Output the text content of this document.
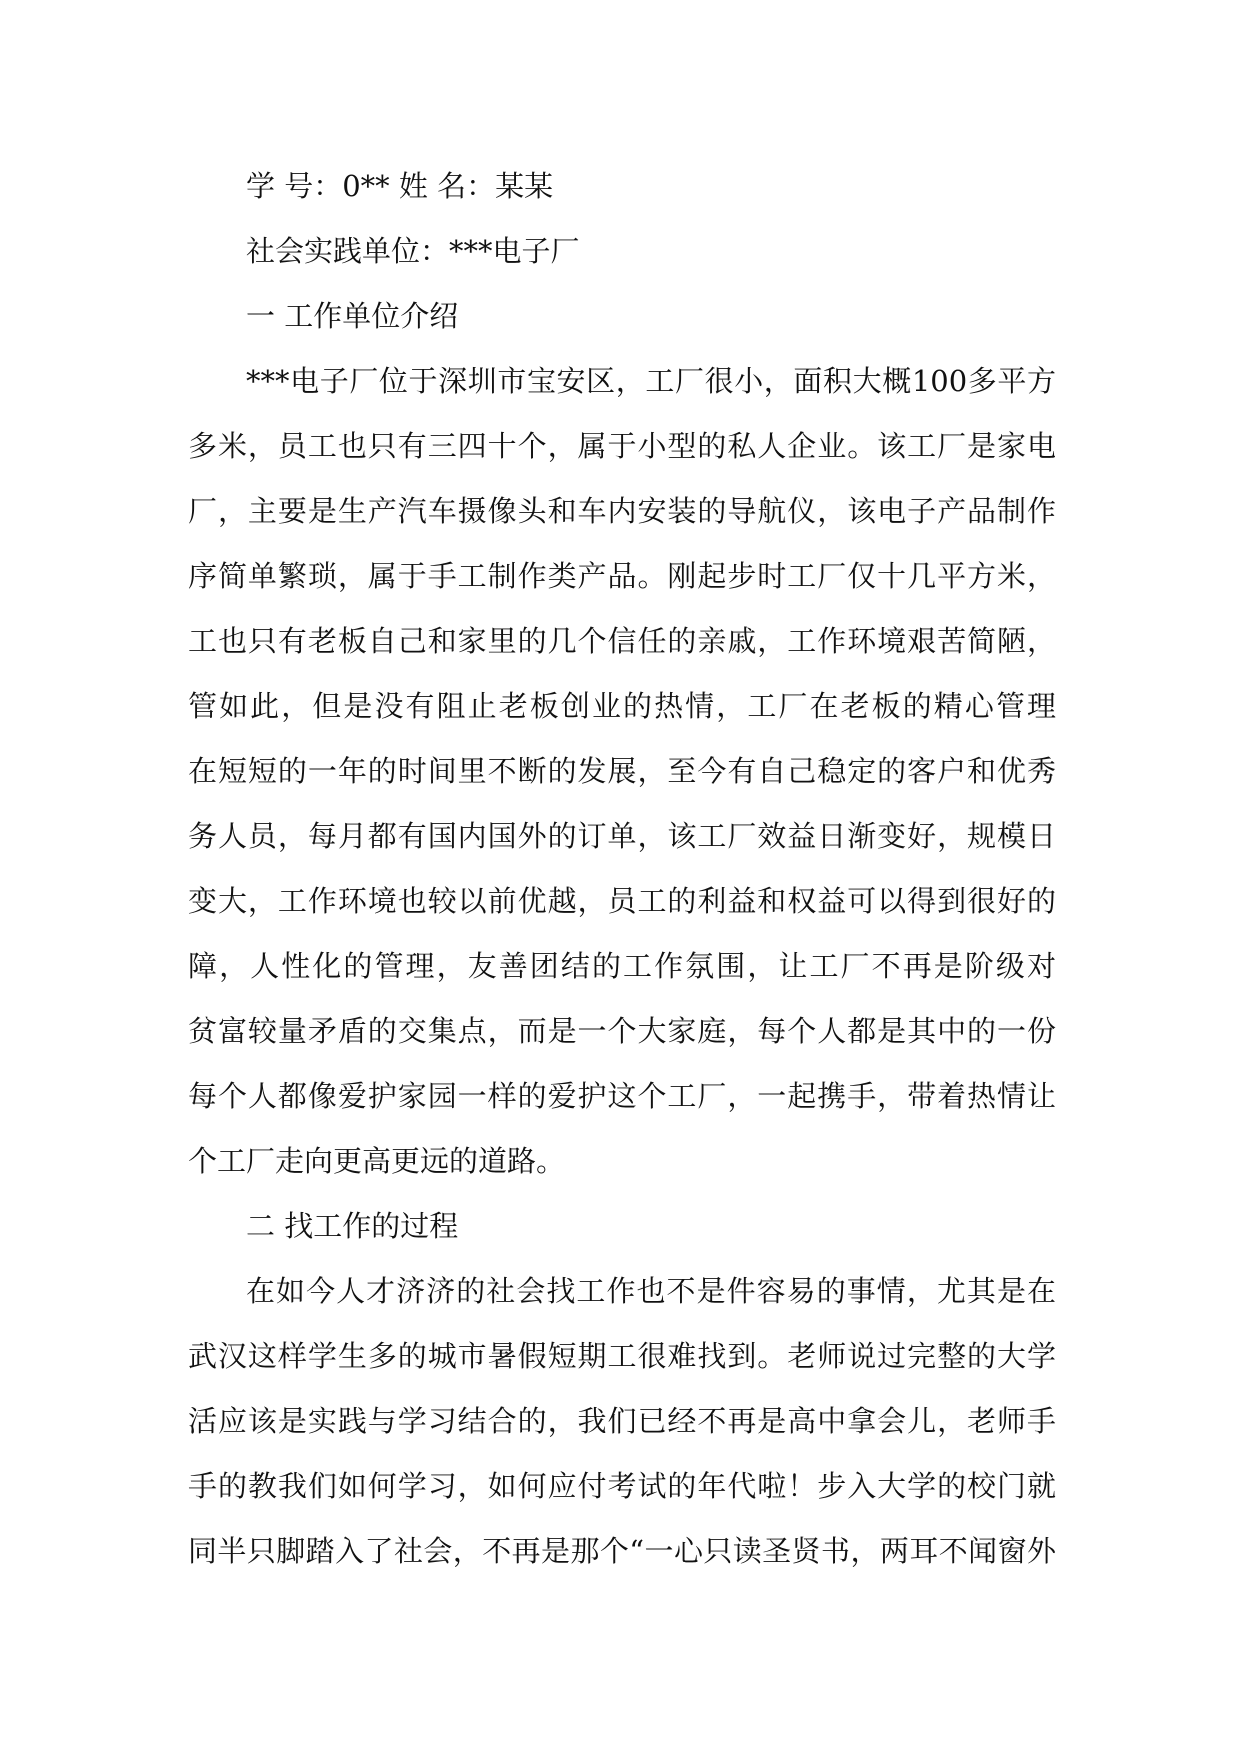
学 号：0** 姓 名：某某

社会实践单位：***电子厂

一 工作单位介绍

***电子厂位于深圳市宝安区，工厂很小，面积大概100多平方

多米，员工也只有三四十个，属于小型的私人企业。该工厂是家电

厂，主要是生产汽车摄像头和车内安装的导航仪，该电子产品制作

序简单繁琐，属于手工制作类产品。刚起步时工厂仅十几平方米，

工也只有老板自己和家里的几个信任的亲戚，工作环境艰苦简陋，

管如此，但是没有阻止老板创业的热情，工厂在老板的精心管理

在短短的一年的时间里不断的发展，至今有自己稳定的客户和优秀

务人员，每月都有国内国外的订单，该工厂效益日渐变好，规模日

变大，工作环境也较以前优越，员工的利益和权益可以得到很好的

障，人性化的管理，友善团结的工作氛围，让工厂不再是阶级对

贫富较量矛盾的交集点，而是一个大家庭，每个人都是其中的一份

每个人都像爱护家园一样的爱护这个工厂，一起携手，带着热情让

个工厂走向更高更远的道路。

二 找工作的过程

在如今人才济济的社会找工作也不是件容易的事情，尤其是在

武汉这样学生多的城市暑假短期工很难找到。老师说过完整的大学

活应该是实践与学习结合的，我们已经不再是高中拿会儿，老师手

手的教我们如何学习，如何应付考试的年代啦！步入大学的校门就

同半只脚踏入了社会，不再是那个“一心只读圣贤书，两耳不闻窗外
